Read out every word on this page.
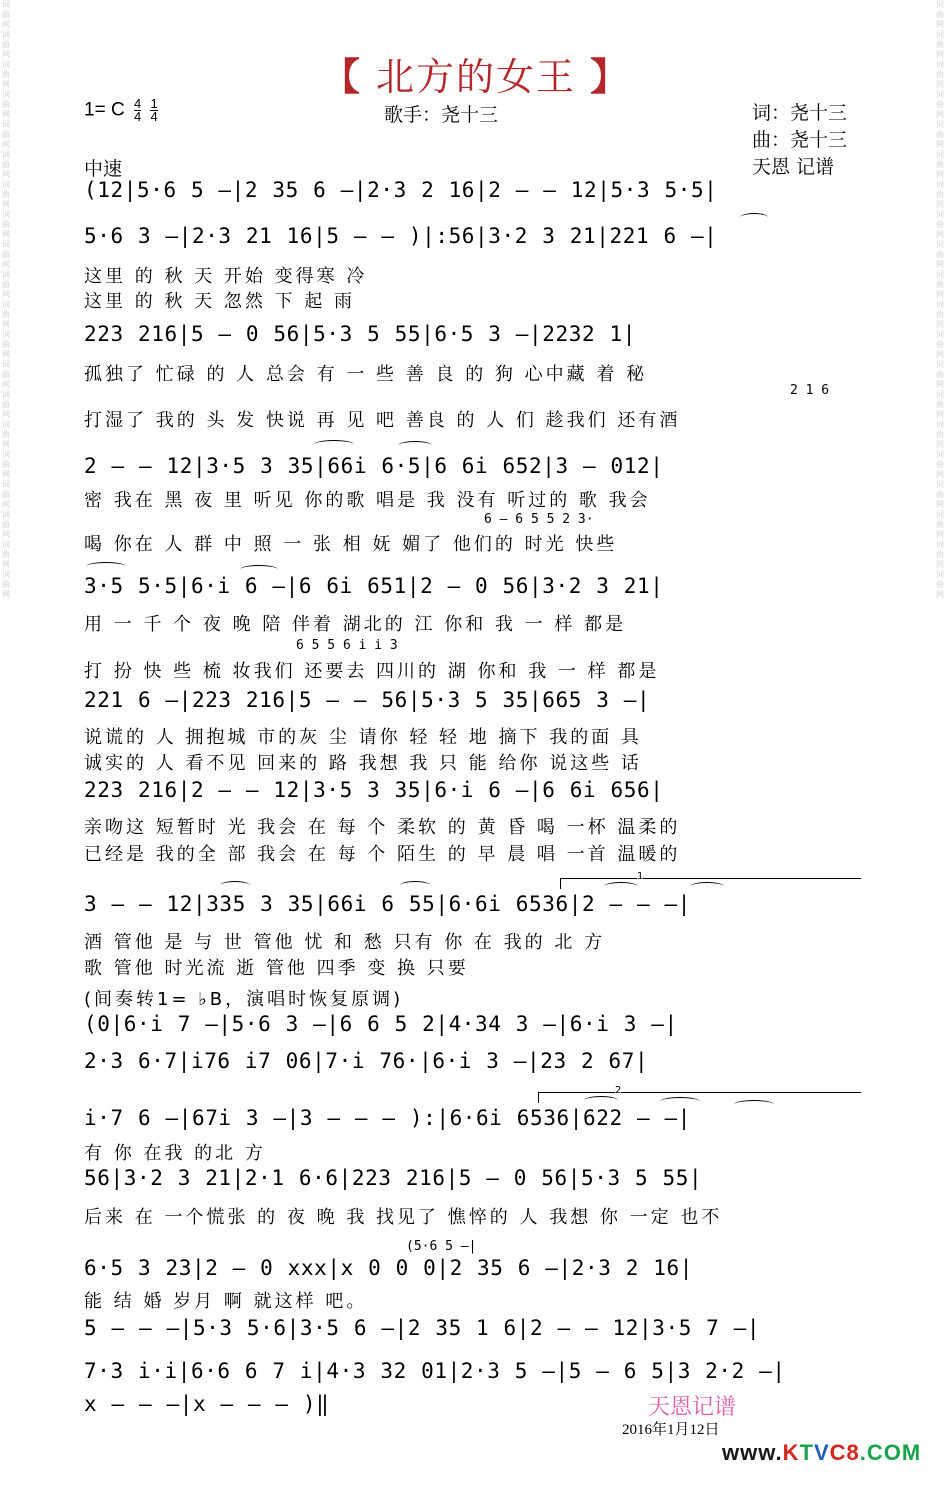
词
曲
网
词
曲
网
词
曲
网
词
曲
网
词
曲
网
词
曲
网
词
曲
网
词
曲
网
词
曲
网
词
曲
网
词
曲
网
词
曲
网
词
曲
网
词
曲
网
词
曲
网
词
曲
网
词
曲
网
词
曲
网
词
曲
网
词
曲
网
词
曲
网
词
曲
网
词
曲
网
词
曲
网
词
曲
网
词
曲
网
词
曲
网
词
曲
网
词
曲
网
词
曲
网
词
曲
网
词
曲
网
词
曲
网
词
曲
网
词
曲
网
词
曲
网
词
曲
网
词
曲
网
词
曲
网
词
曲
网
【 北方的女王 】
1= C $\frac{4}{4}$
$\frac{1}{4}$	歌手：尧十三	词：尧十三
曲：尧十三
天恩 记谱
中速
(12|5·6 5 –|2 35 6 –|2·3 2 16|2 – – 12|5·3 5·5|
5·6 3 –|2·3 21 16|5 – – )|:56|3·2 3 21|221 6 –|
这里 的 秋 天 开始 变得寒 冷
这里 的 秋 天 忽然 下 起 雨
223 216|5 – 0 56|5·3 5 55|6·5 3 –|2232 1|
孤独了 忙碌 的 人 总会 有 一 些 善 良 的 狗 心中藏 着 秘
2 1 6
打湿了 我的 头 发 快说 再 见 吧 善良 的 人 们 趁我们 还有酒
2 – – 12|3·5 3 35|66i 6·5|6 6i 652|3 – 012|
密 我在 黑 夜 里 听见 你的歌 唱是 我 没有 听过的 歌 我会
6 – 6 5 5 2 3·
喝 你在 人 群 中 照 一 张 相 妩 媚了 他们的 时光 快些
3·5 5·5|6·i 6 –|6 6i 651|2 – 0 56|3·2 3 21|
用 一 千 个 夜 晚 陪 伴着 湖北的 江 你和 我 一 样 都是
6 5 5 6 i i 3
打 扮 快 些 梳 妆我们 还要去 四川的 湖 你和 我 一 样 都是
221 6 –|223 216|5 – – 56|5·3 5 35|665 3 –|
说谎的 人 拥抱城 市的灰 尘 请你 轻 轻 地 摘下 我的面 具
诚实的 人 看不见 回来的 路 我想 我 只 能 给你 说这些 话
223 216|2 – – 12|3·5 3 35|6·i 6 –|6 6i 656|
亲吻这 短暂时 光 我会 在 每 个 柔软 的 黄 昏 喝 一杯 温柔的
已经是 我的全 部 我会 在 每 个 陌生 的 早 晨 唱 一首 温暖的
3 – – 12|335 3 35|66i 6 55|6·6i 6536|2 – – –|
酒 管他 是 与 世 管他 忧 和 愁 只有 你 在 我的 北 方
歌 管他 时光流 逝 管他 四季 变 换 只要
(间奏转1= ♭B，演唱时恢复原调)
(0|6·i 7 –|5·6 3 –|6 6 5 2|4·34 3 –|6·i 3 –|
2·3 6·7|i76 i7 06|7·i 76·|6·i 3 –|23 2 67|
i·7 6 –|67i 3 –|3 – – – ):|6·6i 6536|622 – –|
有 你 在我 的北 方
56|3·2 3 21|2·1 6·6|223 216|5 – 0 56|5·3 5 55|
后来 在 一个慌张 的 夜 晚 我 找见了 憔悴的 人 我想 你 一定 也不
(5·6 5 –|
6·5 3 23|2 – 0 xxx|x 0 0 0|2 35 6 –|2·3 2 16|
能 结 婚 岁月 啊 就这样 吧。
5 – – –|5·3 5·6|3·5 6 –|2 35 1 6|2 – – 12|3·5 7 –|
7·3 i·i|6·6 6 7 i|4·3 32 01|2·3 5 –|5 – 6 5|3 2·2 –|
x – – –|x – – – )‖
1
2
天恩记谱
2016年1月12日
www.KTVC8.COM
